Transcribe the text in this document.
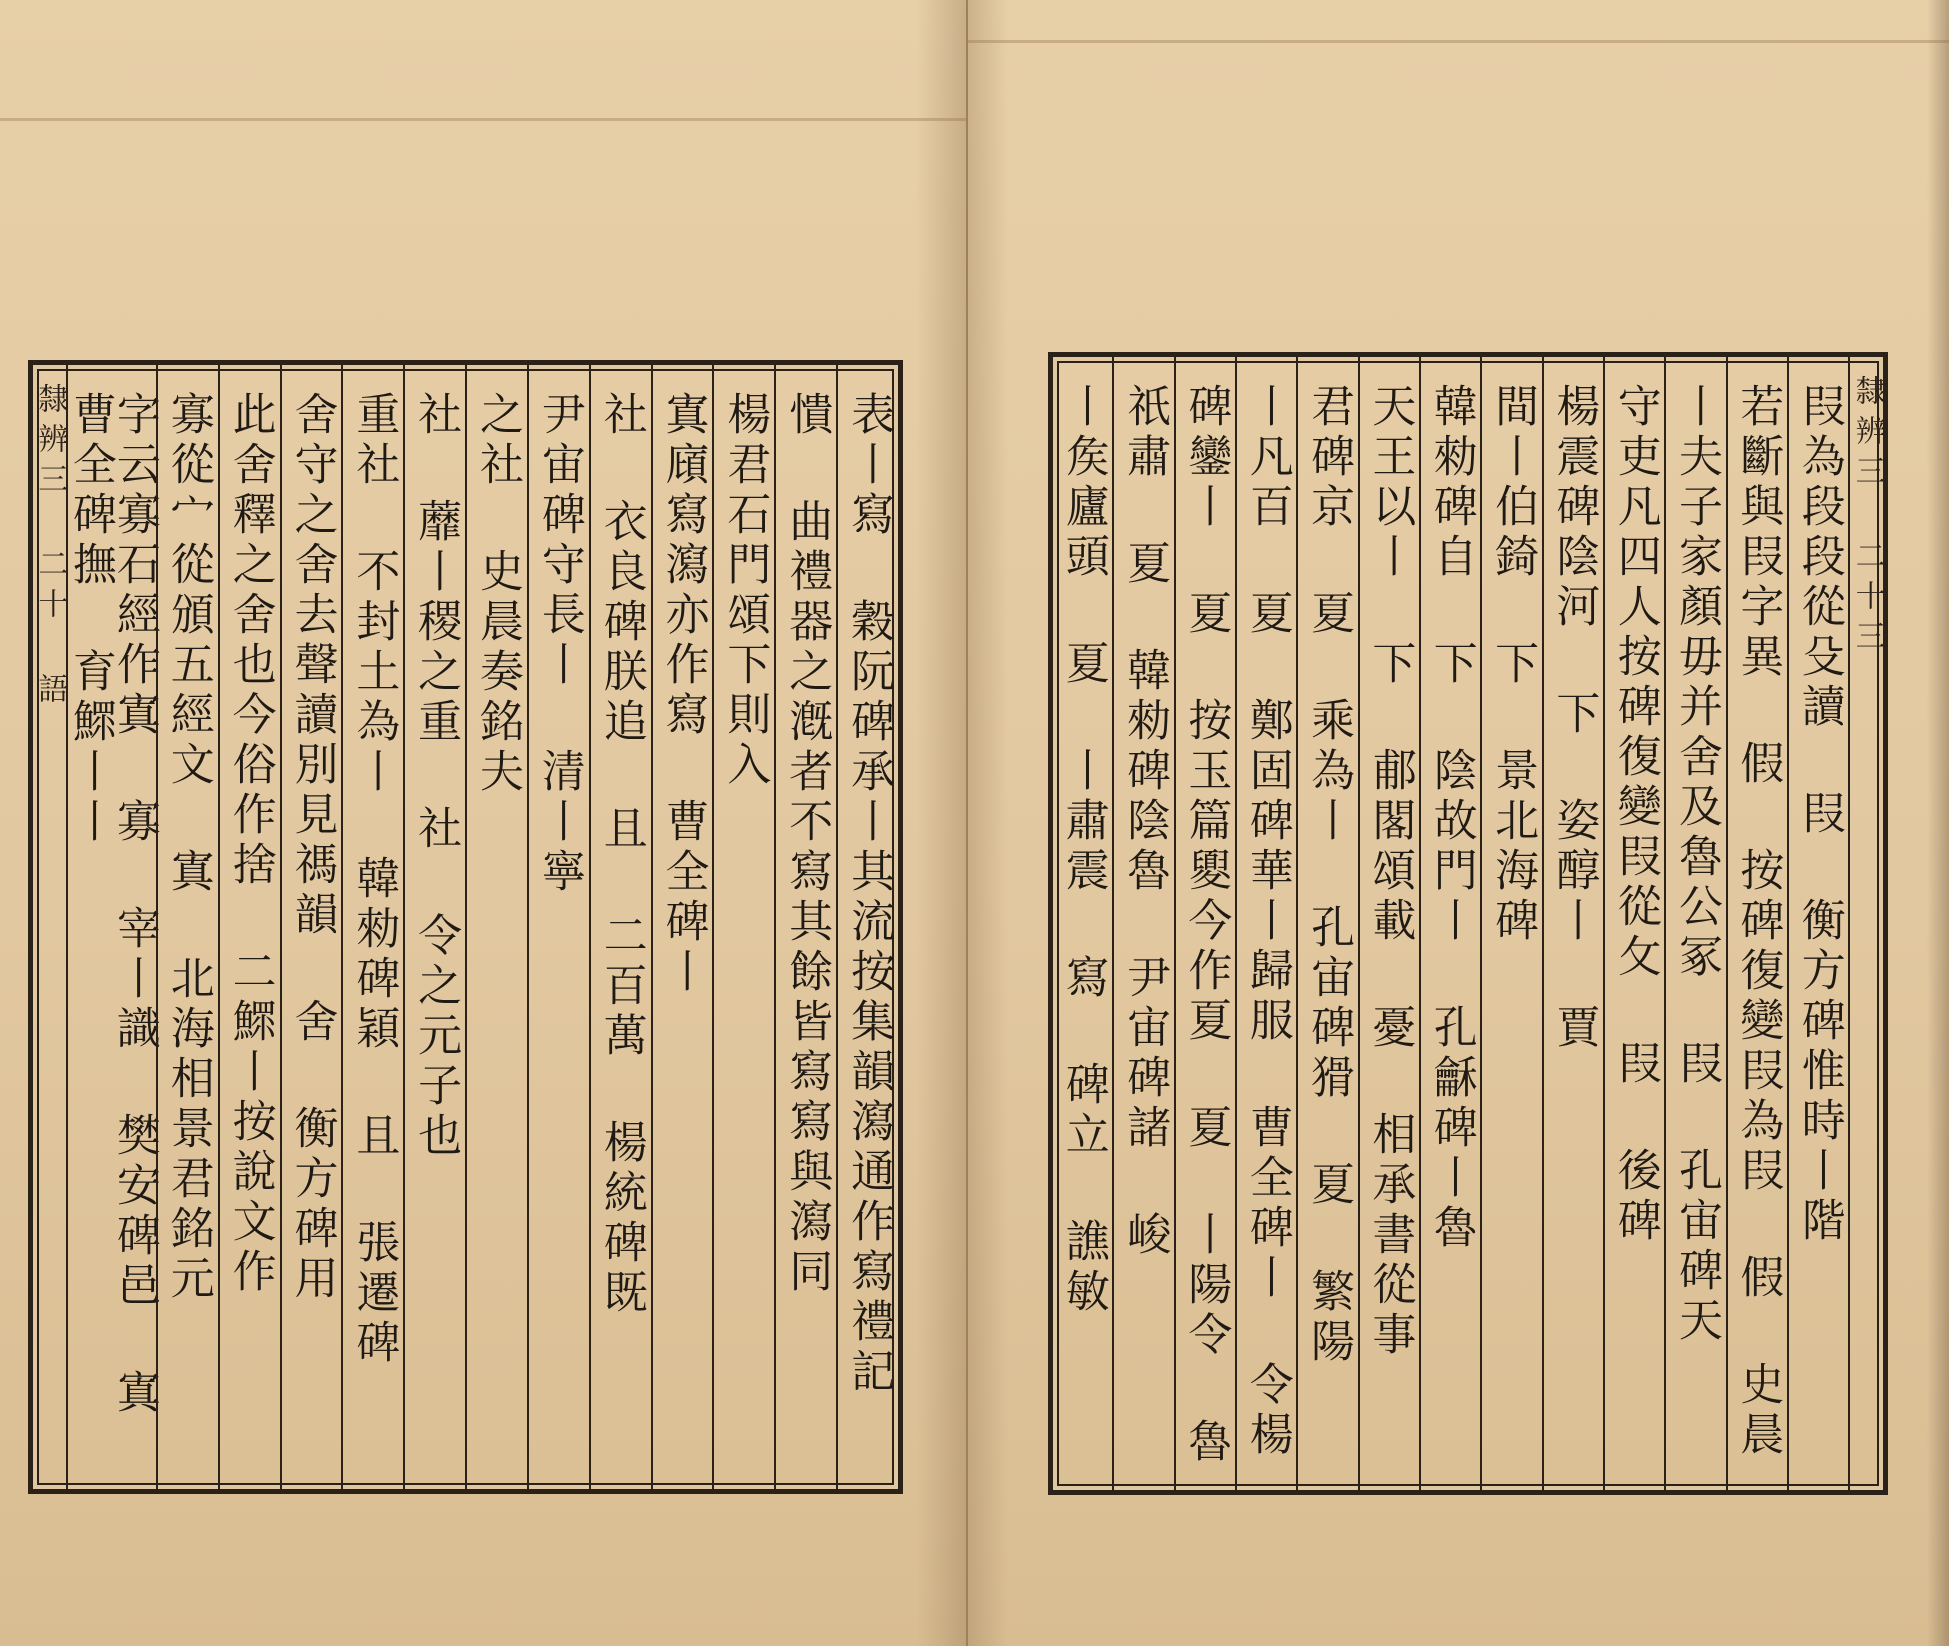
表丨寫 穀阮碑承丨其流按集韻瀉通作寫禮記
憒 曲禮器之漑者不寫其餘皆寫寫與瀉同
楊君石門頌下則入
寘廎寫瀉亦作寫 曹全碑丨
社 衣良碑朕追 且 二百萬 楊統碑既
尹宙碑守長丨 清丨寧
之社 史晨奏銘夫
社 蘼丨稷之重 社 令之元子也
重社 不封土為丨 韓勑碑穎 且 張遷碑
舍守之舍去聲讀別見禡韻 舍 衡方碑用
此舍釋之舍也今俗作捨 二鰥丨按說文作
寡從宀從頒五經文 寘 北海相景君銘元
字云寡石經作寘 寡 宰丨識 樊安碑邑 寘 曹全碑撫 育鰥丨丨
隸辨三 二十 語	隸辨三 二十三
叚為段段從殳讀 叚 衡方碑惟時丨階
若斷與叚字異 假 按碑復變叚為叚 假 史晨
丨夫子家顏毋并舍及魯公冢 叚 孔宙碑天
守吏凡四人按碑復變叚從攵 叚 後碑
楊震碑陰河 下 姿醇丨 賈
間丨伯錡 下 景北海碑
韓勑碑自 下 陰故門丨 孔龢碑丨魯
天王以丨 下 郙閣頌載 憂 相承書從事
君碑京 夏 乘為丨 孔宙碑猾 夏 繁陽
丨凡百 夏 鄭固碑華丨歸服 曹全碑丨 令楊
碑鑾丨 夏 按玉篇夓今作夏 夏 丨陽令 魯
祇肅 夏 韓勑碑陰魯 尹宙碑諸 峻
丨矦廬頭 夏 丨肅震 寫 碑立 譙敏
